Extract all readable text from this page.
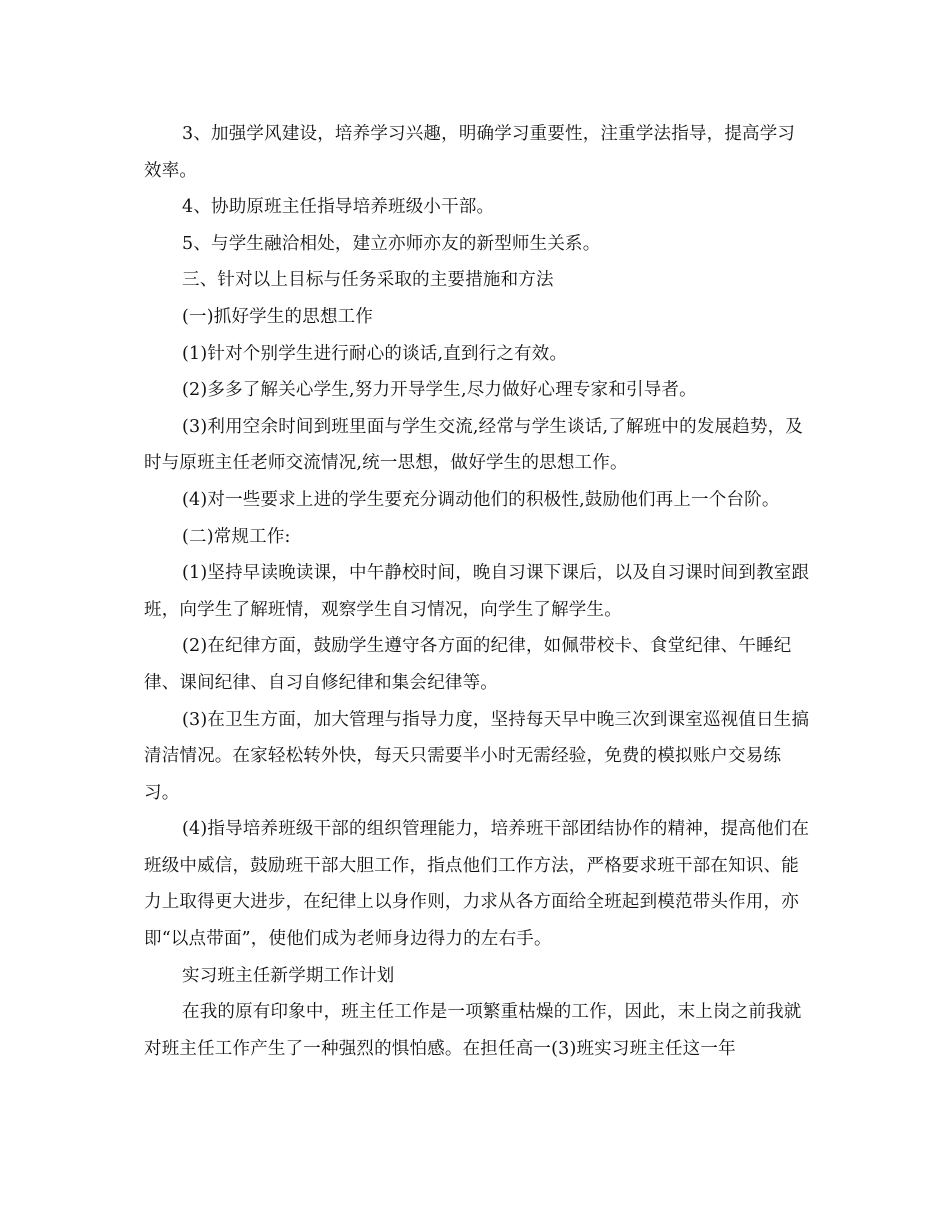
3、加强学风建设，培养学习兴趣，明确学习重要性，注重学法指导，提高学习效率。

4、协助原班主任指导培养班级小干部。

5、与学生融洽相处，建立亦师亦友的新型师生关系。

三、针对以上目标与任务采取的主要措施和方法

(一)抓好学生的思想工作

(1)针对个别学生进行耐心的谈话,直到行之有效。

(2)多多了解关心学生,努力开导学生,尽力做好心理专家和引导者。

(3)利用空余时间到班里面与学生交流,经常与学生谈话,了解班中的发展趋势，及时与原班主任老师交流情况,统一思想，做好学生的思想工作。

(4)对一些要求上进的学生要充分调动他们的积极性,鼓励他们再上一个台阶。

(二)常规工作:

(1)坚持早读晚读课，中午静校时间，晚自习课下课后，以及自习课时间到教室跟班，向学生了解班情，观察学生自习情况，向学生了解学生。

(2)在纪律方面，鼓励学生遵守各方面的纪律，如佩带校卡、食堂纪律、午睡纪律、课间纪律、自习自修纪律和集会纪律等。

(3)在卫生方面，加大管理与指导力度，坚持每天早中晚三次到课室巡视值日生搞清洁情况。在家轻松转外快，每天只需要半小时无需经验，免费的模拟账户交易练习。

(4)指导培养班级干部的组织管理能力，培养班干部团结协作的精神，提高他们在班级中威信，鼓励班干部大胆工作，指点他们工作方法，严格要求班干部在知识、能力上取得更大进步，在纪律上以身作则，力求从各方面给全班起到模范带头作用，亦即“以点带面”，使他们成为老师身边得力的左右手。

实习班主任新学期工作计划

在我的原有印象中，班主任工作是一项繁重枯燥的工作，因此，末上岗之前我就对班主任工作产生了一种强烈的惧怕感。在担任高一(3)班实习班主任这一年
